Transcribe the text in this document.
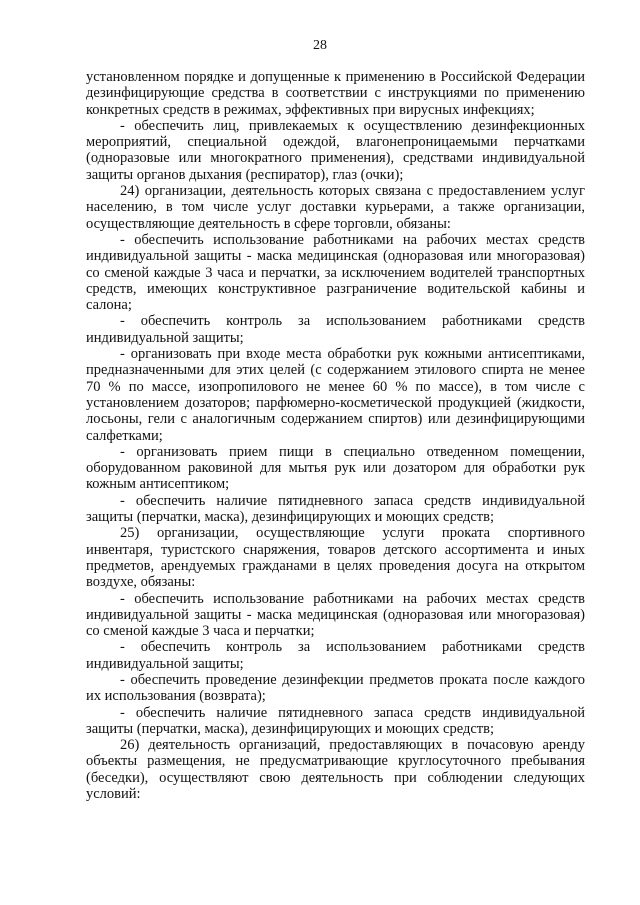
28

установленном порядке и допущенные к применению в Российской Федерации дезинфицирующие средства в соответствии с инструкциями по применению конкретных средств в режимах, эффективных при вирусных инфекциях;

- обеспечить лиц, привлекаемых к осуществлению дезинфекционных мероприятий, специальной одеждой, влагонепроницаемыми перчатками (одноразовые или многократного применения), средствами индивидуальной защиты органов дыхания (респиратор), глаз (очки);

24) организации, деятельность которых связана с предоставлением услуг населению, в том числе услуг доставки курьерами, а также организации, осуществляющие деятельность в сфере торговли, обязаны:

- обеспечить использование работниками на рабочих местах средств индивидуальной защиты - маска медицинская (одноразовая или многоразовая) со сменой каждые 3 часа и перчатки, за исключением водителей транспортных средств, имеющих конструктивное разграничение водительской кабины и салона;

- обеспечить контроль за использованием работниками средств индивидуальной защиты;

- организовать при входе места обработки рук кожными антисептиками, предназначенными для этих целей (с содержанием этилового спирта не менее 70 % по массе, изопропилового не менее 60 % по массе), в том числе с установлением дозаторов; парфюмерно-косметической продукцией (жидкости, лосьоны, гели с аналогичным содержанием спиртов) или дезинфицирующими салфетками;

- организовать прием пищи в специально отведенном помещении, оборудованном раковиной для мытья рук или дозатором для обработки рук кожным антисептиком;

- обеспечить наличие пятидневного запаса средств индивидуальной защиты (перчатки, маска), дезинфицирующих и моющих средств;

25) организации, осуществляющие услуги проката спортивного инвентаря, туристского снаряжения, товаров детского ассортимента и иных предметов, арендуемых гражданами в целях проведения досуга на открытом воздухе, обязаны:

- обеспечить использование работниками на рабочих местах средств индивидуальной защиты - маска медицинская (одноразовая или многоразовая) со сменой каждые 3 часа и перчатки;

- обеспечить контроль за использованием работниками средств индивидуальной защиты;

- обеспечить проведение дезинфекции предметов проката после каждого их использования (возврата);

- обеспечить наличие пятидневного запаса средств индивидуальной защиты (перчатки, маска), дезинфицирующих и моющих средств;

26) деятельность организаций, предоставляющих в почасовую аренду объекты размещения, не предусматривающие круглосуточного пребывания (беседки), осуществляют свою деятельность при соблюдении следующих условий:
